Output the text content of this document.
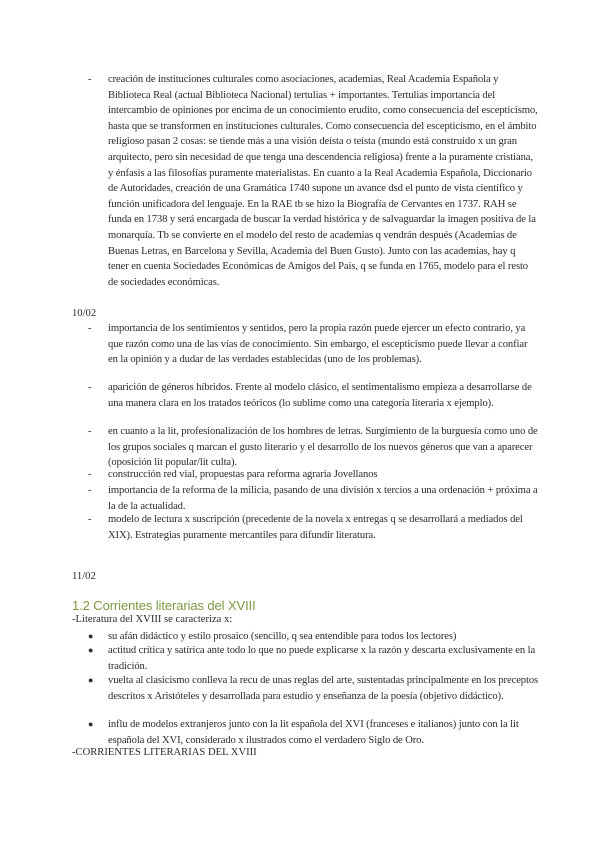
- creación de instituciones culturales como asociaciones, academias, Real Academia Española y Biblioteca Real (actual Biblioteca Nacional) tertulias + importantes. Tertulias importancia del intercambio de opiniones por encima de un conocimiento erudito, como consecuencia del escepticismo, hasta que se transformen en instituciones culturales. Como consecuencia del escepticismo, en el ámbito religioso pasan 2 cosas: se tiende más a una visión deísta o teísta (mundo está construido x un gran arquitecto, pero sin necesidad de que tenga una descendencia religiosa) frente a la puramente cristiana, y énfasis a las filosofías puramente materialistas. En cuanto a la Real Academia Española, Diccionario de Autoridades, creación de una Gramática 1740 supone un avance dsd el punto de vista científico y función unificadora del lenguaje. En la RAE tb se hizo la Biografía de Cervantes en 1737. RAH se funda en 1738 y será encargada de buscar la verdad histórica y de salvaguardar la imagen positiva de la monarquía. Tb se convierte en el modelo del resto de academias q vendrán después (Academias de Buenas Letras, en Barcelona y Sevilla, Academia del Buen Gusto). Junto con las academias, hay q tener en cuenta Sociedades Económicas de Amigos del País, q se funda en 1765, modelo para el resto de sociedades económicas.
10/02
- importancia de los sentimientos y sentidos, pero la propia razón puede ejercer un efecto contrario, ya que razón como una de las vías de conocimiento. Sin embargo, el escepticismo puede llevar a confiar en la opinión y a dudar de las verdades establecidas (uno de los problemas).
- aparición de géneros híbridos. Frente al modelo clásico, el sentimentalismo empieza a desarrollarse de una manera clara en los tratados teóricos (lo sublime como una categoría literaria x ejemplo).
- en cuanto a la lit, profesionalización de los hombres de letras. Surgimiento de la burguesía como uno de los grupos sociales q marcan el gusto literario y el desarrollo de los nuevos géneros que van a aparecer (oposición lit popular/lit culta).
- construcción red vial, propuestas para reforma agraria Jovellanos
- importancia de la reforma de la milicia, pasando de una división x tercios a una ordenación + próxima a la de la actualidad.
- modelo de lectura x suscripción (precedente de la novela x entregas q se desarrollará a mediados del XIX). Estrategias puramente mercantiles para difundir literatura.
11/02
1.2 Corrientes literarias del XVIII
-Literatura del XVIII se caracteriza x:
● su afán didáctico y estilo prosaico (sencillo, q sea entendible para todos los lectores)
● actitud crítica y satírica ante todo lo que no puede explicarse x la razón y descarta exclusivamente en la tradición.
● vuelta al clasicismo conlleva la recu de unas reglas del arte, sustentadas principalmente en los preceptos descritos x Aristóteles y desarrollada para estudio y enseñanza de la poesía (objetivo didáctico).
● influ de modelos extranjeros junto con la lit española del XVI (franceses e italianos) junto con la lit española del XVI, considerado x ilustrados como el verdadero Siglo de Oro.
-CORRIENTES LITERARIAS DEL XVIII
